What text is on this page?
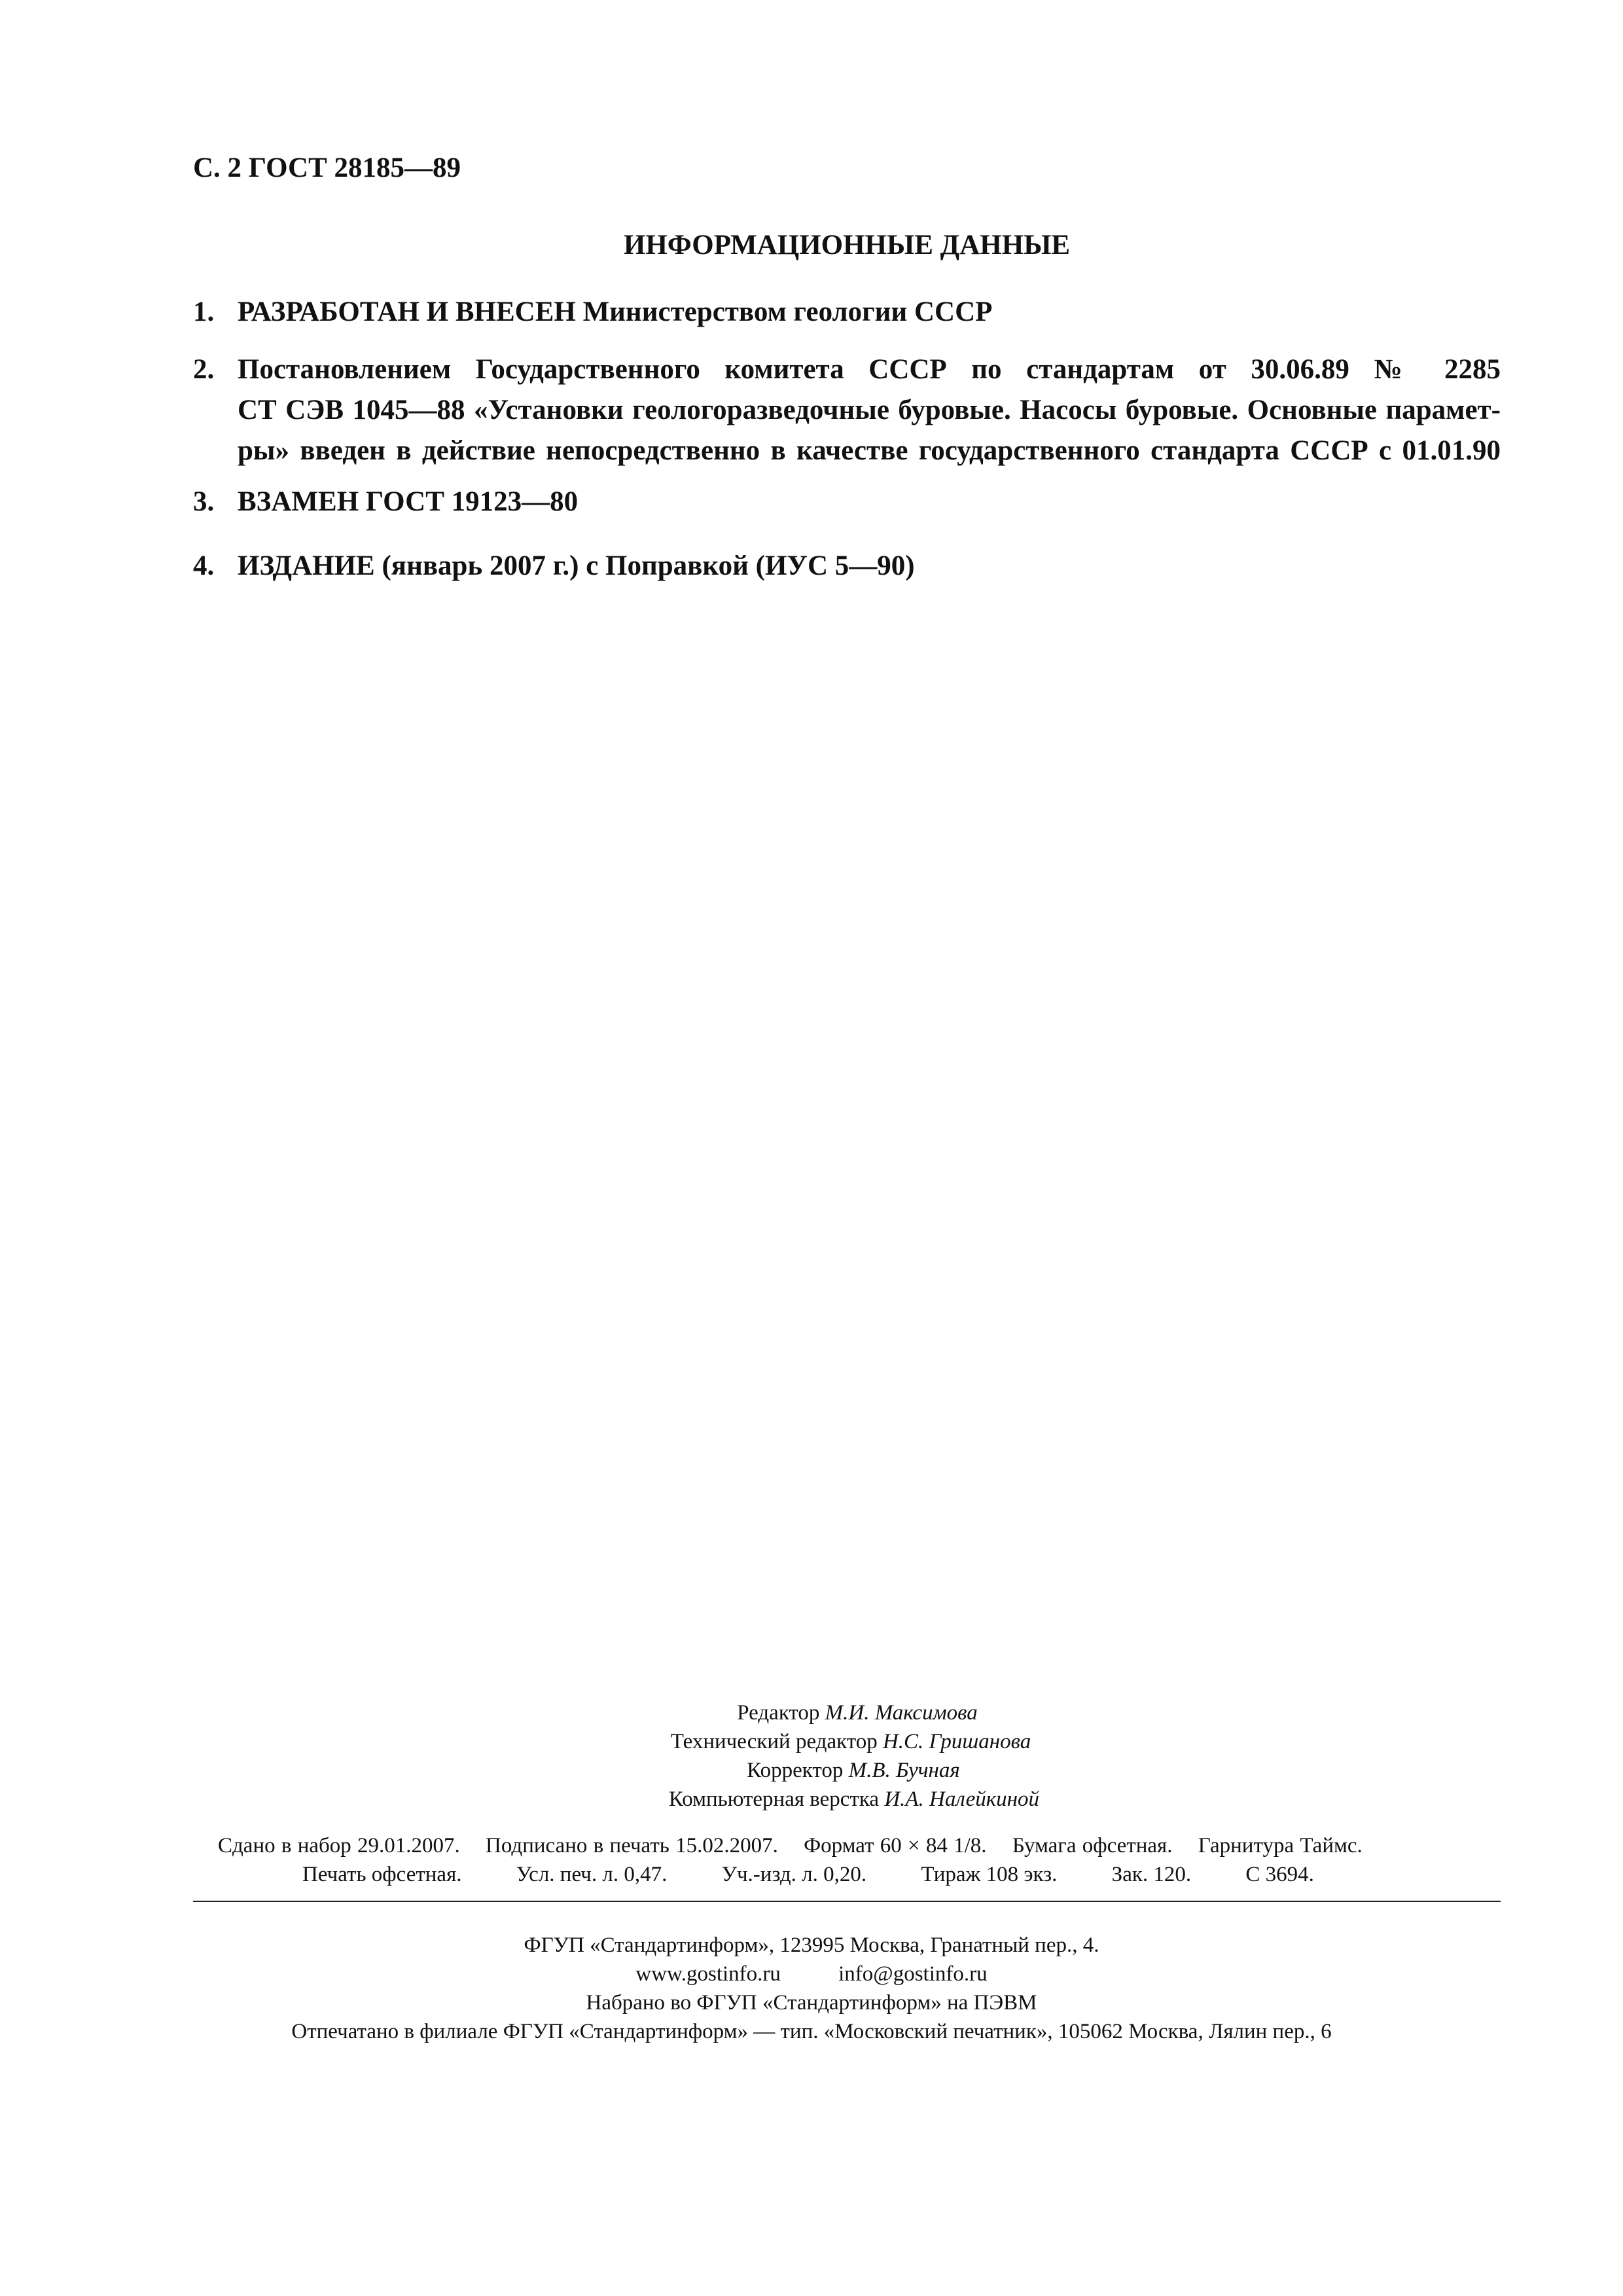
С. 2 ГОСТ 28185—89
ИНФОРМАЦИОННЫЕ ДАННЫЕ
1. РАЗРАБОТАН И ВНЕСЕН Министерством геологии СССР
2. Постановлением Государственного комитета СССР по стандартам от 30.06.89 № 2285
СТ СЭВ 1045—88 «Установки геологоразведочные буровые. Насосы буровые. Основные парамет-
ры» введен в действие непосредственно в качестве государственного стандарта СССР с 01.01.90
3. ВЗАМЕН ГОСТ 19123—80
4. ИЗДАНИЕ (январь 2007 г.) с Поправкой (ИУС 5—90)
Редактор М.И. Максимова
Технический редактор Н.С. Гришанова
Корректор М.В. Бучная
Компьютерная верстка И.А. Налейкиной
Сдано в набор 29.01.2007. Подписано в печать 15.02.2007. Формат 60 × 84 1/8. Бумага офсетная. Гарнитура Таймс.
Печать офсетная.	Усл. печ. л. 0,47.	Уч.-изд. л. 0,20.	Тираж 108 экз.	Зак. 120.	С 3694.
ФГУП «Стандартинформ», 123995 Москва, Гранатный пер., 4.
www.gostinfo.ru	info@gostinfo.ru
Набрано во ФГУП «Стандартинформ» на ПЭВМ
Отпечатано в филиале ФГУП «Стандартинформ» — тип. «Московский печатник», 105062 Москва, Лялин пер., 6
